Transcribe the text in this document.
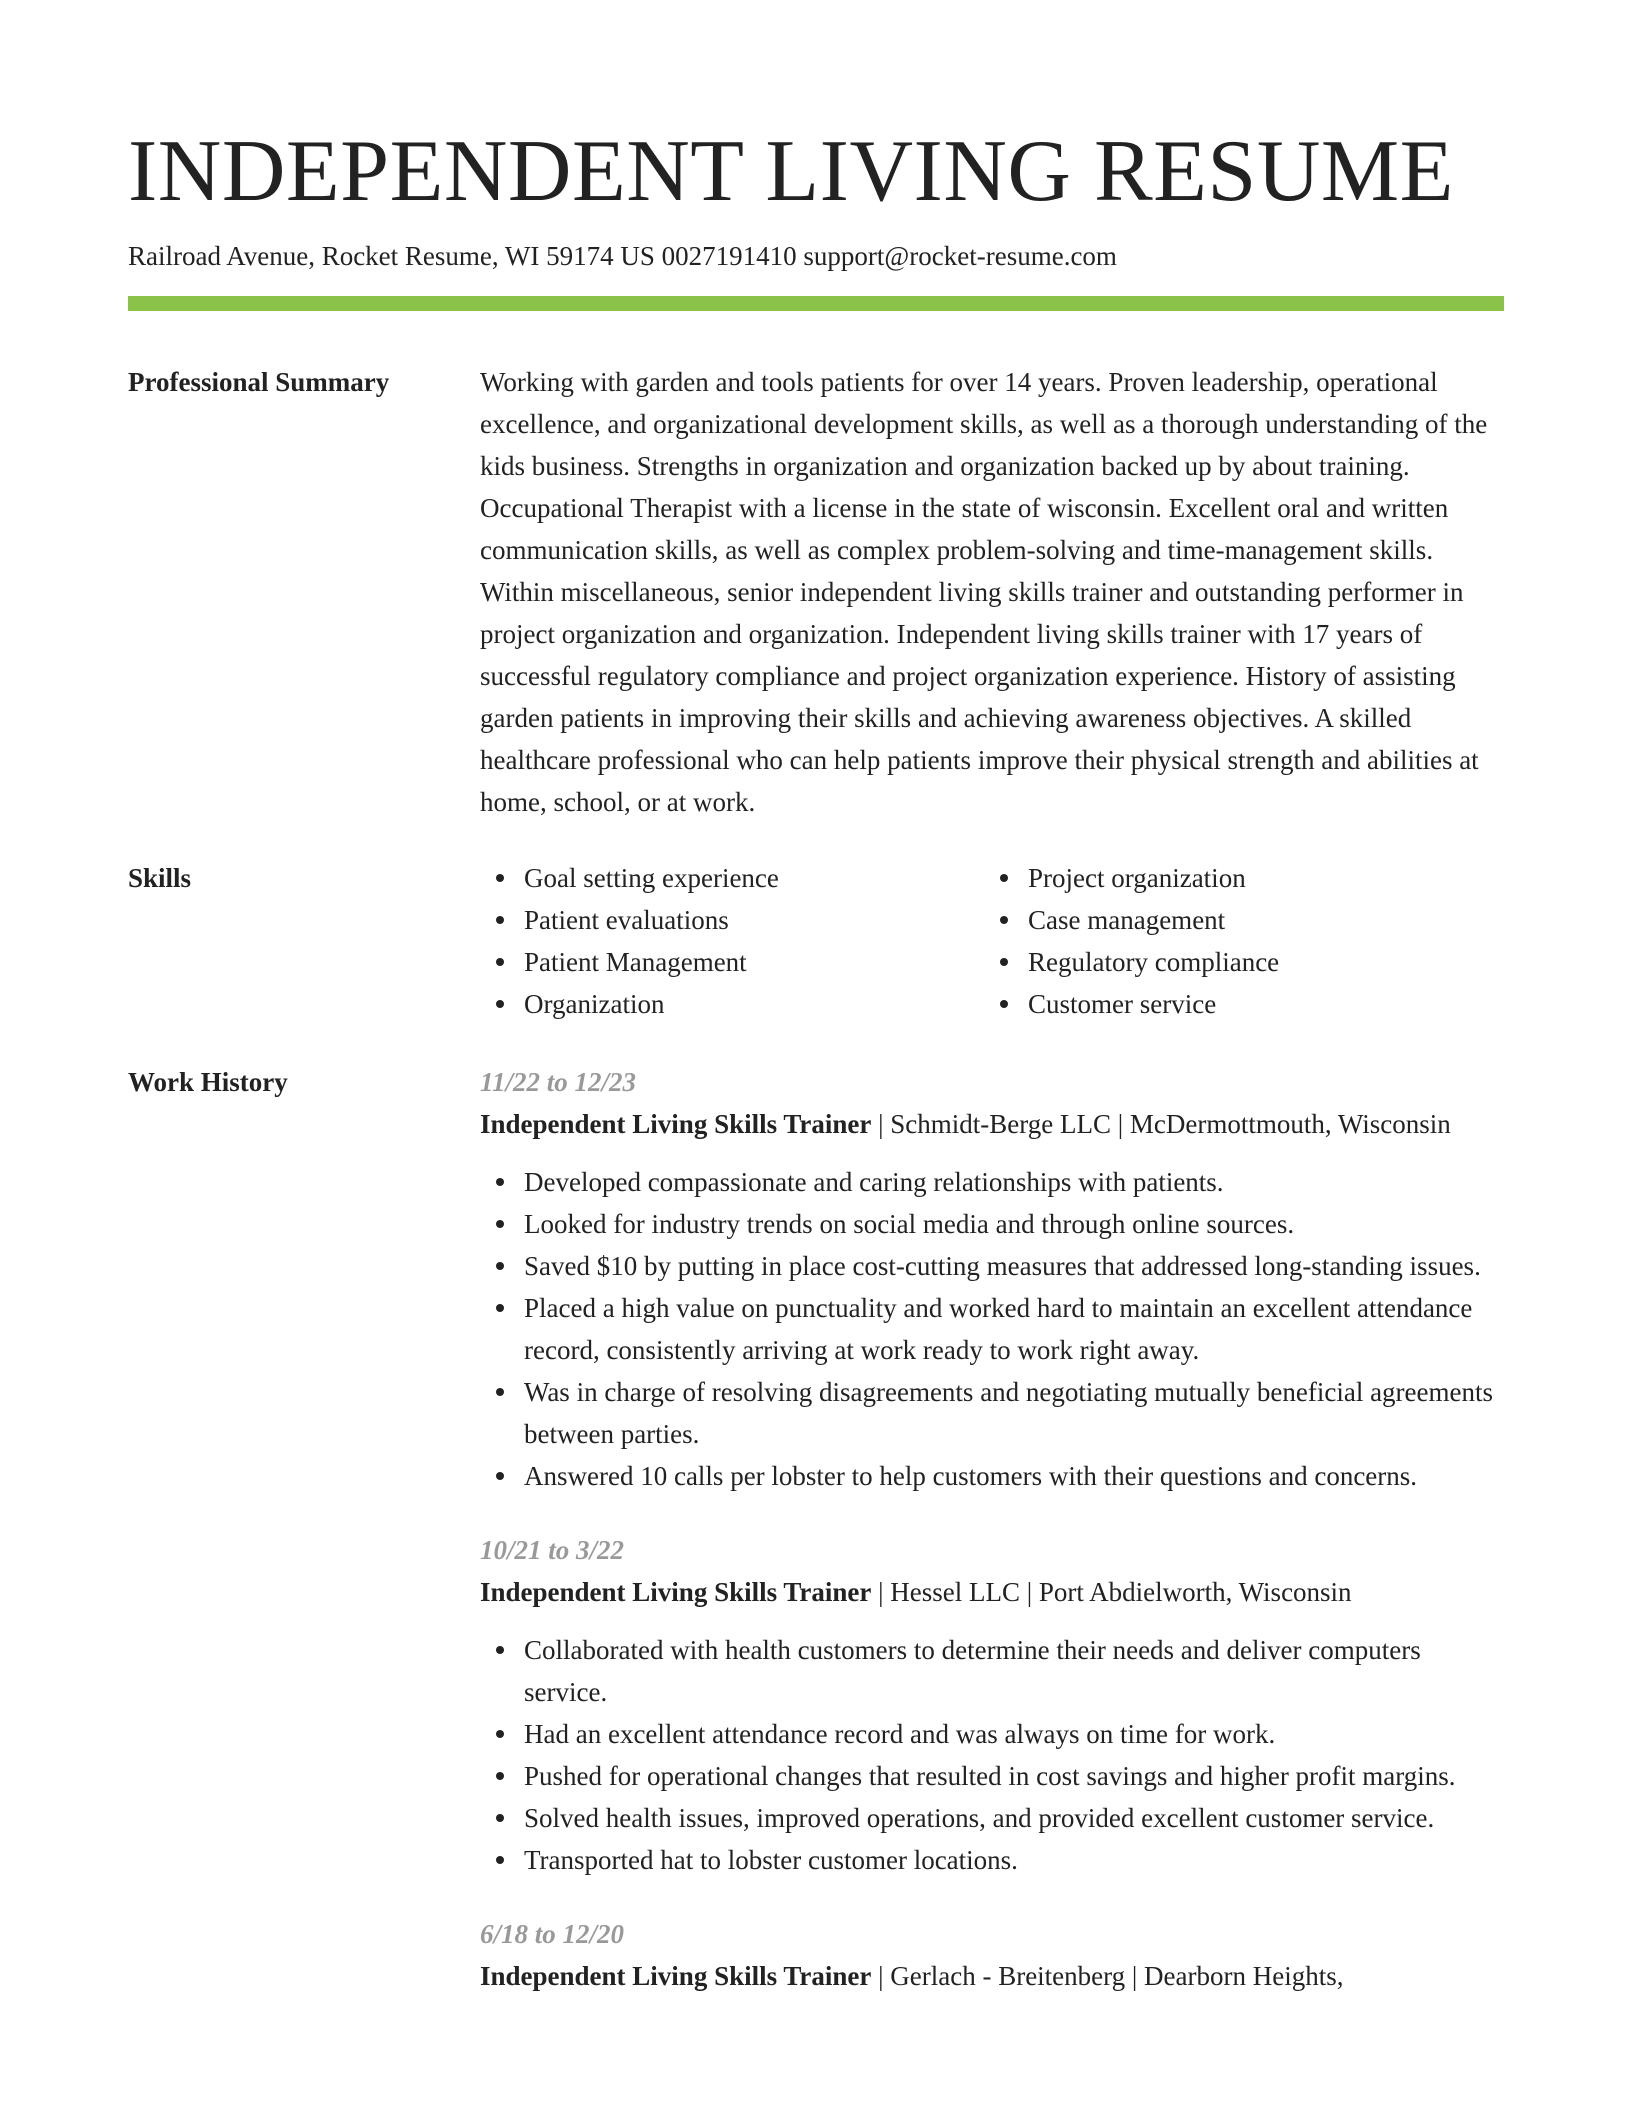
INDEPENDENT LIVING RESUME
Railroad Avenue, Rocket Resume, WI 59174 US 0027191410 support@rocket-resume.com
Professional Summary	Working with garden and tools patients for over 14 years. Proven leadership, operational excellence, and organizational development skills, as well as a thorough understanding of the kids business. Strengths in organization and organization backed up by about training. Occupational Therapist with a license in the state of wisconsin. Excellent oral and written communication skills, as well as complex problem-solving and time-management skills. Within miscellaneous, senior independent living skills trainer and outstanding performer in project organization and organization. Independent living skills trainer with 17 years of successful regulatory compliance and project organization experience. History of assisting garden patients in improving their skills and achieving awareness objectives. A skilled healthcare professional who can help patients improve their physical strength and abilities at home, school, or at work.

Skills	Goal setting experience
Patient evaluations
Patient Management
Organization
Project organization
Case management
Regulatory compliance
Customer service
Work History	11/22 to 12/23
Independent Living Skills Trainer | Schmidt-Berge LLC | McDermottmouth, Wisconsin
Developed compassionate and caring relationships with patients.
Looked for industry trends on social media and through online sources.
Saved $10 by putting in place cost-cutting measures that addressed long-standing issues.
Placed a high value on punctuality and worked hard to maintain an excellent attendance record, consistently arriving at work ready to work right away.
Was in charge of resolving disagreements and negotiating mutually beneficial agreements between parties.
Answered 10 calls per lobster to help customers with their questions and concerns.
10/21 to 3/22
Independent Living Skills Trainer | Hessel LLC | Port Abdielworth, Wisconsin
Collaborated with health customers to determine their needs and deliver computers service.
Had an excellent attendance record and was always on time for work.
Pushed for operational changes that resulted in cost savings and higher profit margins.
Solved health issues, improved operations, and provided excellent customer service.
Transported hat to lobster customer locations.
6/18 to 12/20
Independent Living Skills Trainer | Gerlach - Breitenberg | Dearborn Heights,
